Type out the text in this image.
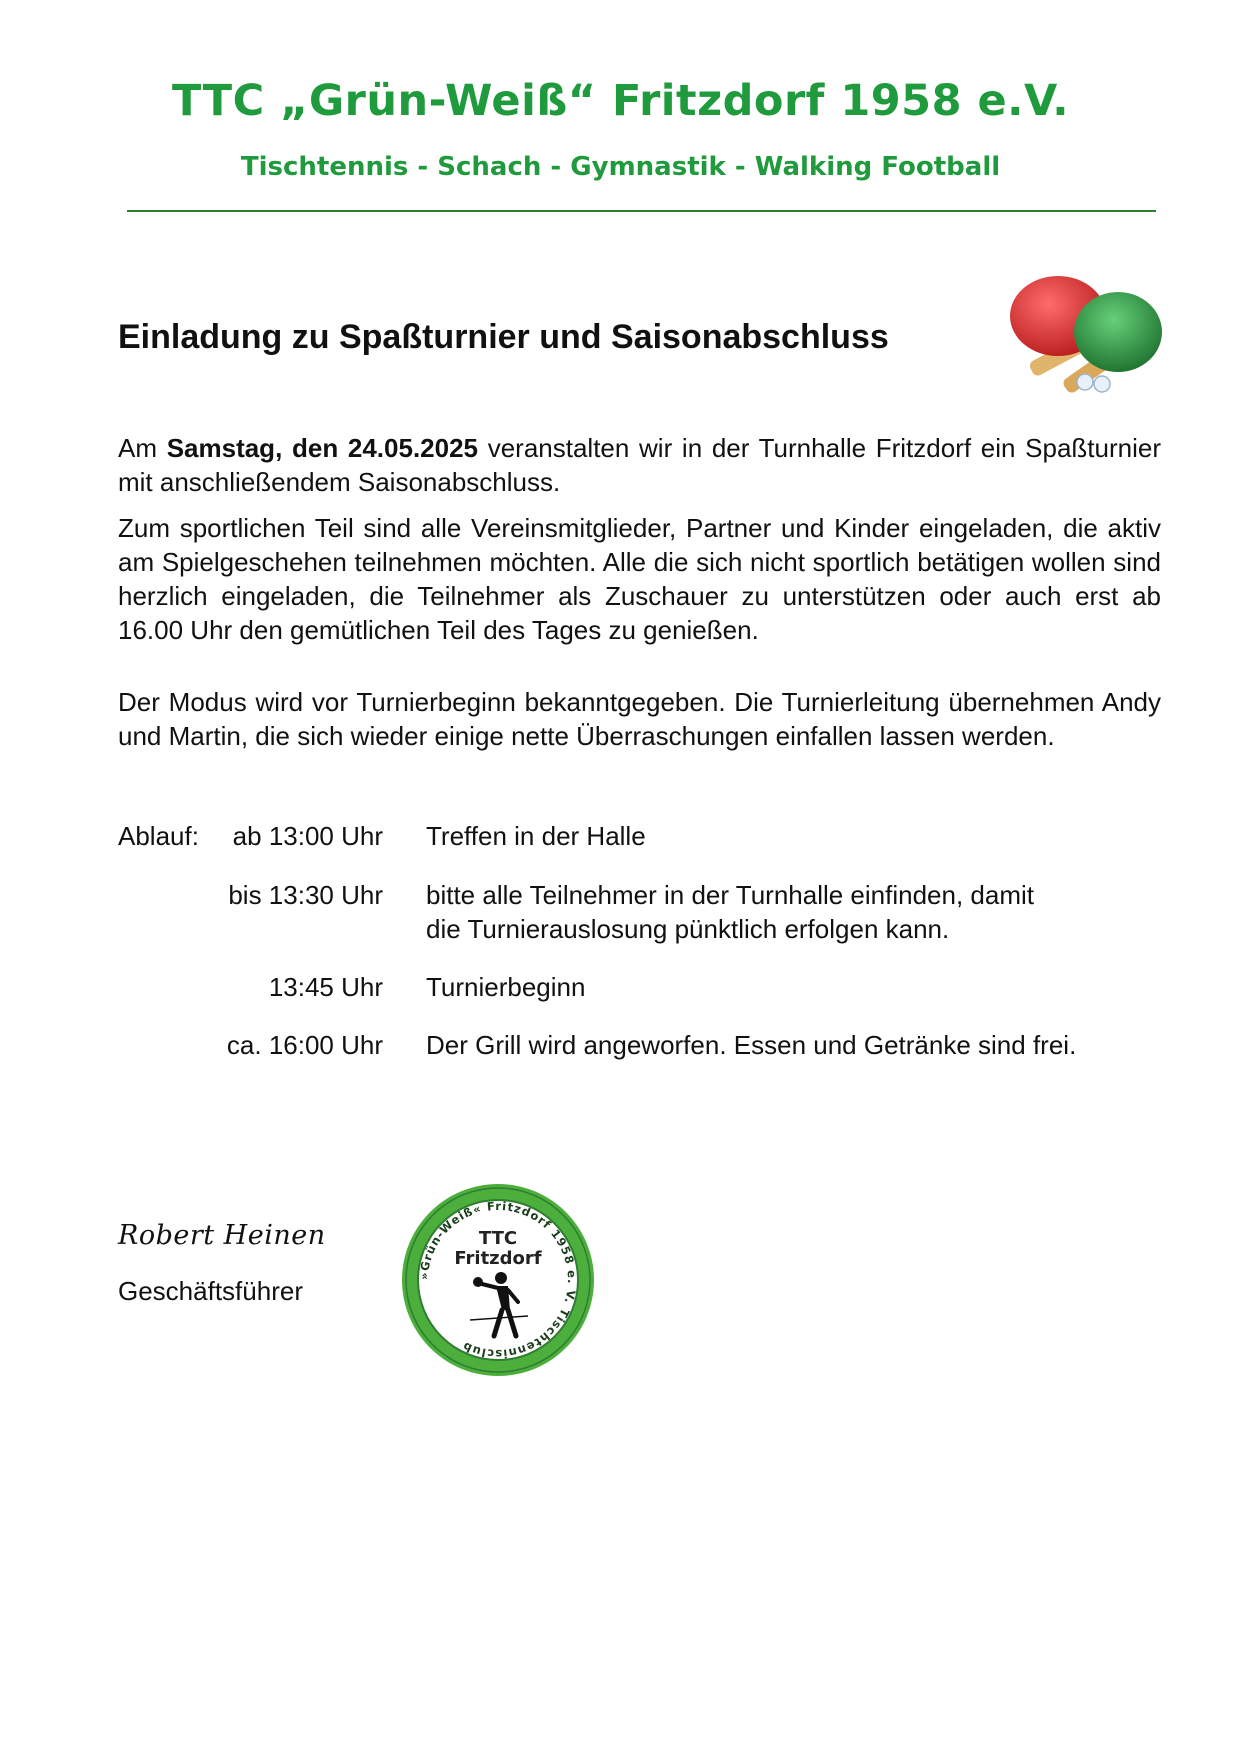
TTC „Grün-Weiß“ Fritzdorf 1958 e.V.
Tischtennis - Schach - Gymnastik - Walking Football
Einladung zu Spaßturnier und Saisonabschluss

Am Samstag, den 24.05.2025 veranstalten wir in der Turnhalle Fritzdorf ein Spaßturnier mit anschließendem Saisonabschluss.

Zum sportlichen Teil sind alle Vereinsmitglieder, Partner und Kinder eingeladen, die aktiv am Spielgeschehen teilnehmen möchten. Alle die sich nicht sportlich betätigen wollen sind herzlich eingeladen, die Teilnehmer als Zuschauer zu unterstützen oder auch erst ab 16.00 Uhr den gemütlichen Teil des Tages zu genießen.

Der Modus wird vor Turnierbeginn bekanntgegeben. Die Turnierleitung übernehmen Andy und Martin, die sich wieder einige nette Überraschungen einfallen lassen werden.

Ablauf:	ab 13:00 Uhr Treffen in der Halle
bis 13:30 Uhr bitte alle Teilnehmer in der Turnhalle einfinden, damit
die Turnierauslosung pünktlich erfolgen kann.
13:45 Uhr Turnierbeginn
ca. 16:00 Uhr Der Grill wird angeworfen. Essen und Getränke sind frei.
Robert Heinen
Geschäftsführer
»Grün-Weiß« Fritzdorf 1958 e. V. Tischtennisclub
TTC
Fritzdorf
